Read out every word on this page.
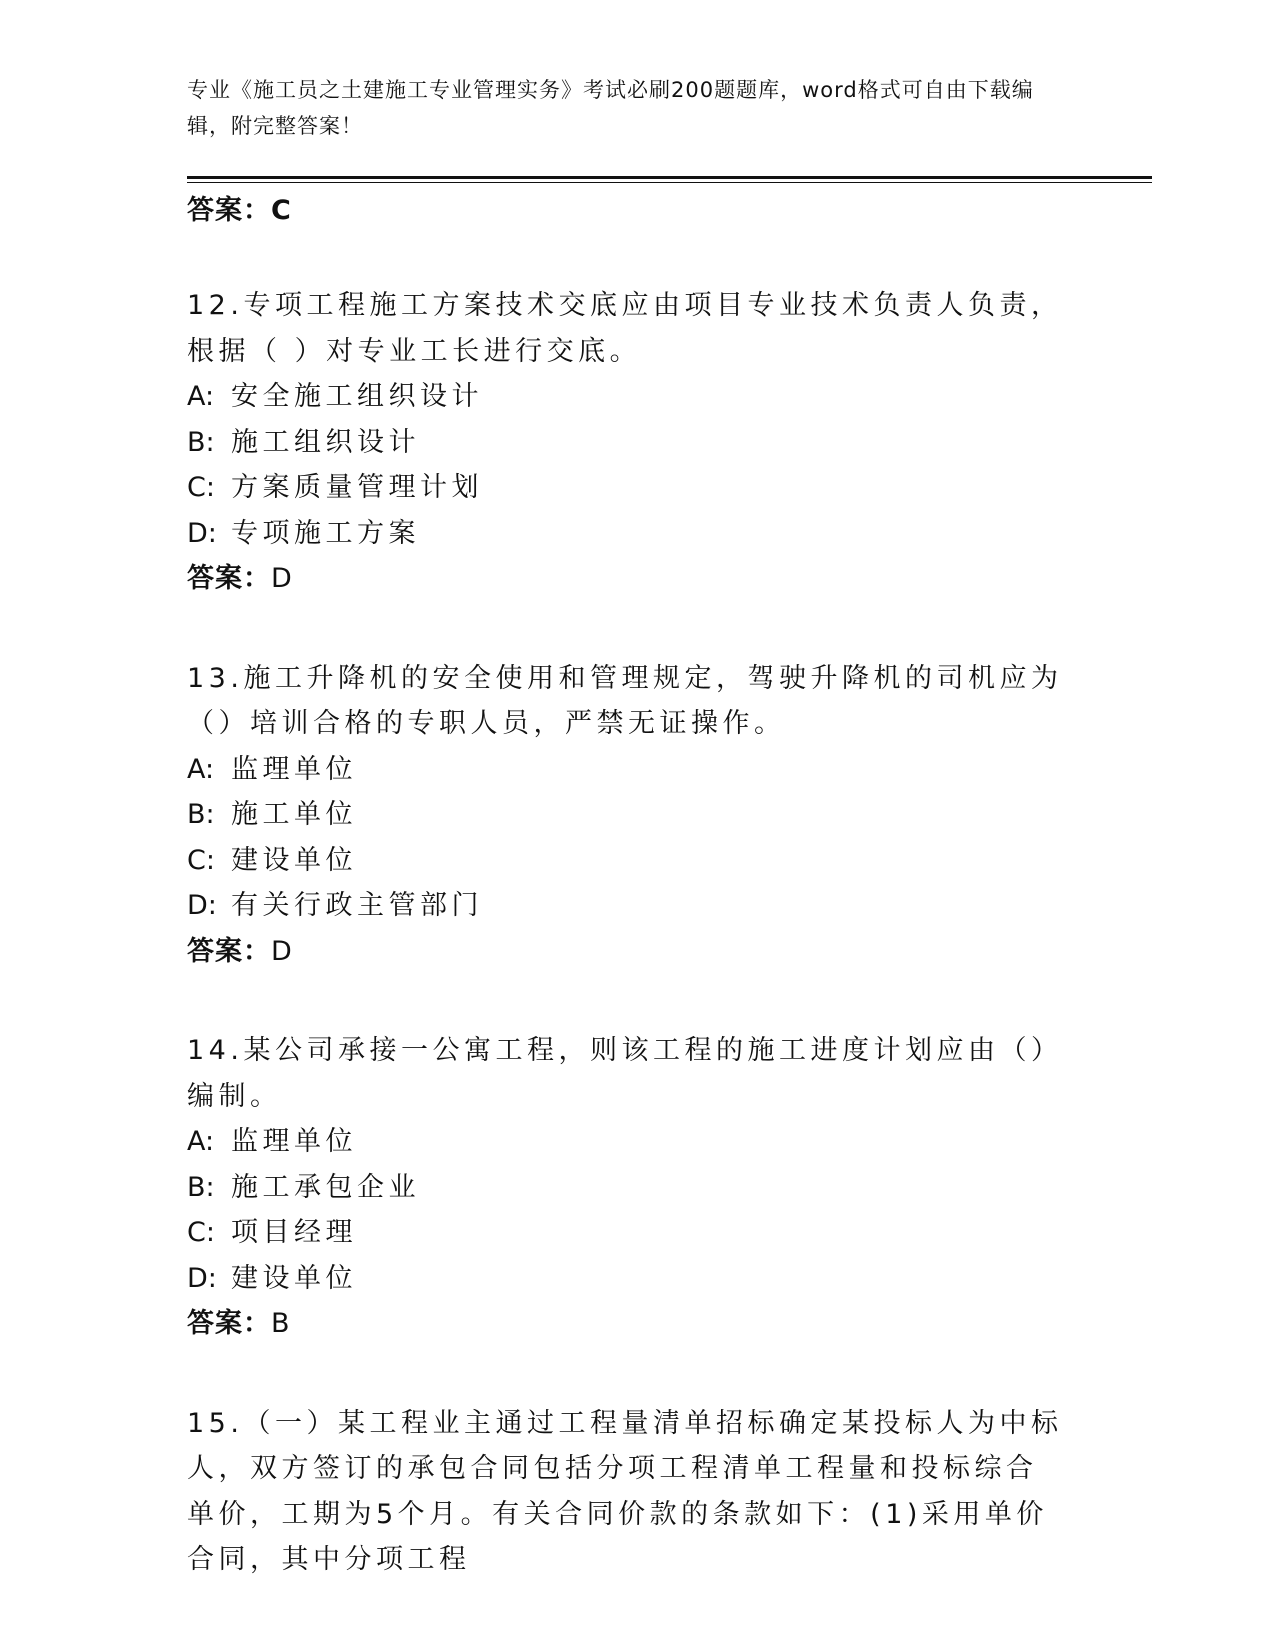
专业《施工员之土建施工专业管理实务》考试必刷200题题库，word格式可自由下载编辑，附完整答案！
答案：C
12.专项工程施工方案技术交底应由项目专业技术负责人负责，根据（ ）对专业工长进行交底。
A: 安全施工组织设计
B: 施工组织设计
C: 方案质量管理计划
D: 专项施工方案
答案：D
13.施工升降机的安全使用和管理规定，驾驶升降机的司机应为（）培训合格的专职人员，严禁无证操作。
A: 监理单位
B: 施工单位
C: 建设单位
D: 有关行政主管部门
答案：D
14.某公司承接一公寓工程，则该工程的施工进度计划应由（）编制。
A: 监理单位
B: 施工承包企业
C: 项目经理
D: 建设单位
答案：B
15.（一）某工程业主通过工程量清单招标确定某投标人为中标人，双方签订的承包合同包括分项工程清单工程量和投标综合单价，工期为5个月。有关合同价款的条款如下：(1)采用单价合同，其中分项工程
